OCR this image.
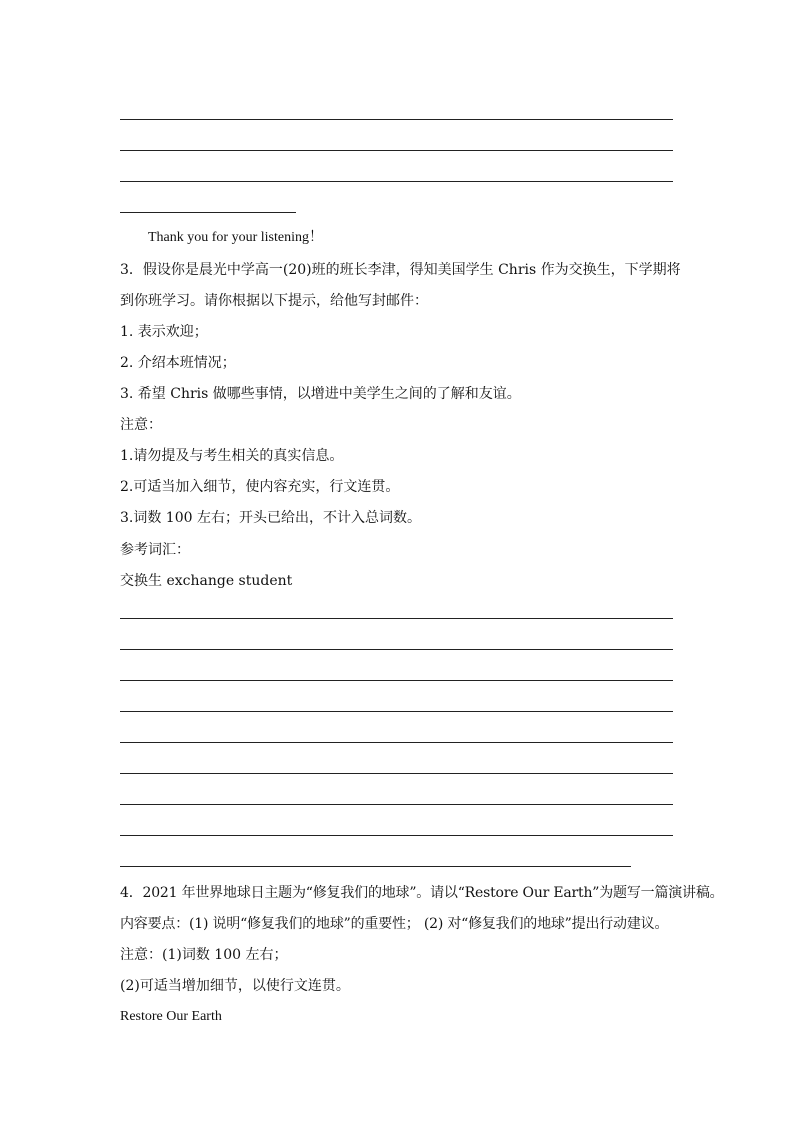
Thank you for your listening！
3．假设你是晨光中学高一(20)班的班长李津，得知美国学生 Chris 作为交换生，下学期将
到你班学习。请你根据以下提示，给他写封邮件：
1. 表示欢迎；
2. 介绍本班情况；
3. 希望 Chris 做哪些事情，以增进中美学生之间的了解和友谊。
注意：
1.请勿提及与考生相关的真实信息。
2.可适当加入细节，使内容充实，行文连贯。
3.词数 100 左右；开头已给出，不计入总词数。
参考词汇：
交换生 exchange student
4．2021 年世界地球日主题为“修复我们的地球”。请以“Restore Our Earth”为题写一篇演讲稿。
内容要点：(1) 说明“修复我们的地球”的重要性； (2) 对“修复我们的地球”提出行动建议。
注意：(1)词数 100 左右；
(2)可适当增加细节，以使行文连贯。
Restore Our Earth
